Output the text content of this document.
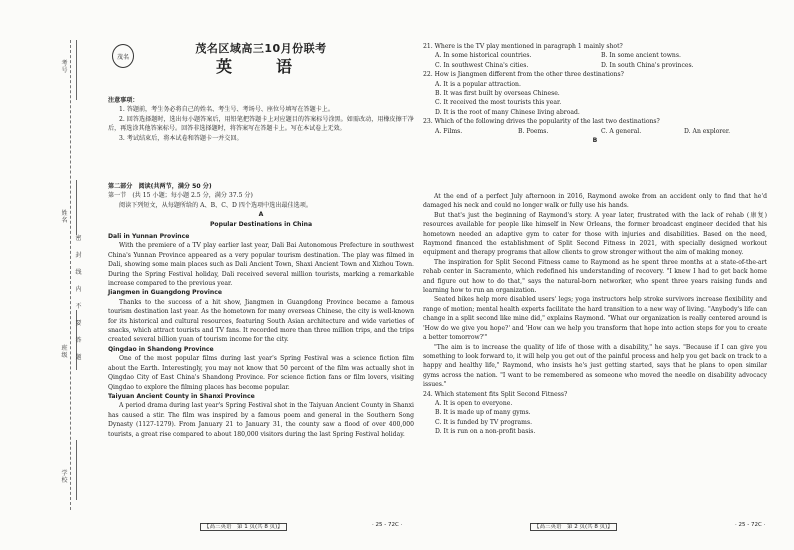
考号
姓名
班级
学校
密
封
线
内
不
要
答
题
茂名
茂名区域高三10月份联考
英　语

注意事项：

1. 答题前，考生务必将自己的姓名、考生号、考场号、座位号填写在答题卡上。

2. 回答选择题时，选出每小题答案后，用铅笔把答题卡上对应题目的答案标号涂黑。如需改动，用橡皮擦干净后，再选涂其他答案标号。回答非选择题时，将答案写在答题卡上。写在本试卷上无效。

3. 考试结束后，将本试卷和答题卡一并交回。

第二部分　阅读(共两节，满分 50 分)

第一节　(共 15 小题；每小题 2.5 分，满分 37.5 分)

阅读下列短文，从每题所给的 A、B、C、D 四个选项中选出最佳选项。

A

Popular Destinations in China

Dali in Yunnan Province

With the premiere of a TV play earlier last year, Dali Bai Autonomous Prefecture in southwest China's Yunnan Province appeared as a very popular tourism destination. The play was filmed in Dali, showing some main places such as Dali Ancient Town, Shaxi Ancient Town and Xizhou Town. During the Spring Festival holiday, Dali received several million tourists, marking a remarkable increase compared to the previous year.

Jiangmen in Guangdong Province

Thanks to the success of a hit show, Jiangmen in Guangdong Province became a famous tourism destination last year. As the hometown for many overseas Chinese, the city is well-known for its historical and cultural resources, featuring South Asian architecture and wide varieties of snacks, which attract tourists and TV fans. It recorded more than three million trips, and the trips created several billion yuan of tourism income for the city.

Qingdao in Shandong Province

One of the most popular films during last year's Spring Festival was a science fiction film about the Earth. Interestingly, you may not know that 50 percent of the film was actually shot in Qingdao City of East China's Shandong Province. For science fiction fans or film lovers, visiting Qingdao to explore the filming places has become popular.

Taiyuan Ancient County in Shanxi Province

A period drama during last year's Spring Festival shot in the Taiyuan Ancient County in Shanxi has caused a stir. The film was inspired by a famous poem and general in the Southern Song Dynasty (1127-1279). From January 21 to January 31, the county saw a flood of over 400,000 tourists, a great rise compared to about 180,000 visitors during the last Spring Festival holiday.

21. Where is the TV play mentioned in paragraph 1 mainly shot?

A. In some historical countries.	B. In some ancient towns.
C. In southwest China's cities.	D. In south China's provinces.

22. How is Jiangmen different from the other three destinations?

A. It is a popular attraction.

B. It was first built by overseas Chinese.

C. It received the most tourists this year.

D. It is the root of many Chinese living abroad.

23. Which of the following drives the popularity of the last two destinations?

A. Films.	B. Poems.	C. A general.	D. An explorer.

B

At the end of a perfect July afternoon in 2016, Raymond awoke from an accident only to find that he'd damaged his neck and could no longer walk or fully use his hands.

But that's just the beginning of Raymond's story. A year later, frustrated with the lack of rehab (康复) resources available for people like himself in New Orleans, the former broadcast engineer decided that his hometown needed an adaptive gym to cater for those with injuries and disabilities. Based on the need, Raymond financed the establishment of Split Second Fitness in 2021, with specially designed workout equipment and therapy programs that allow clients to grow stronger without the aim of making money.

The inspiration for Split Second Fitness came to Raymond as he spent three months at a state-of-the-art rehab center in Sacramento, which redefined his understanding of recovery. "I knew I had to get back home and figure out how to do that," says the natural-born networker, who spent three years raising funds and learning how to run an organization.

Seated bikes help more disabled users' legs; yoga instructors help stroke survivors increase flexibility and range of motion; mental health experts facilitate the hard transition to a new way of living. "Anybody's life can change in a split second like mine did," explains Raymond. "What our organization is really centered around is 'How do we give you hope?' and 'How can we help you transform that hope into action steps for you to create a better tomorrow?'"

"The aim is to increase the quality of life of those with a disability," he says. "Because if I can give you something to look forward to, it will help you get out of the painful process and help you get back on track to a happy and healthy life," Raymond, who insists he's just getting started, says that he plans to open similar gyms across the nation. "I want to be remembered as someone who moved the needle on disability advocacy issues."

24. Which statement fits Split Second Fitness?

A. It is open to everyone.

B. It is made up of many gyms.

C. It is funded by TV programs.

D. It is run on a non-profit basis.

【高三英语　第 1 页(共 8 页)】	· 25 - 72C ·	【高三英语　第 2 页(共 8 页)】	· 25 - 72C ·
